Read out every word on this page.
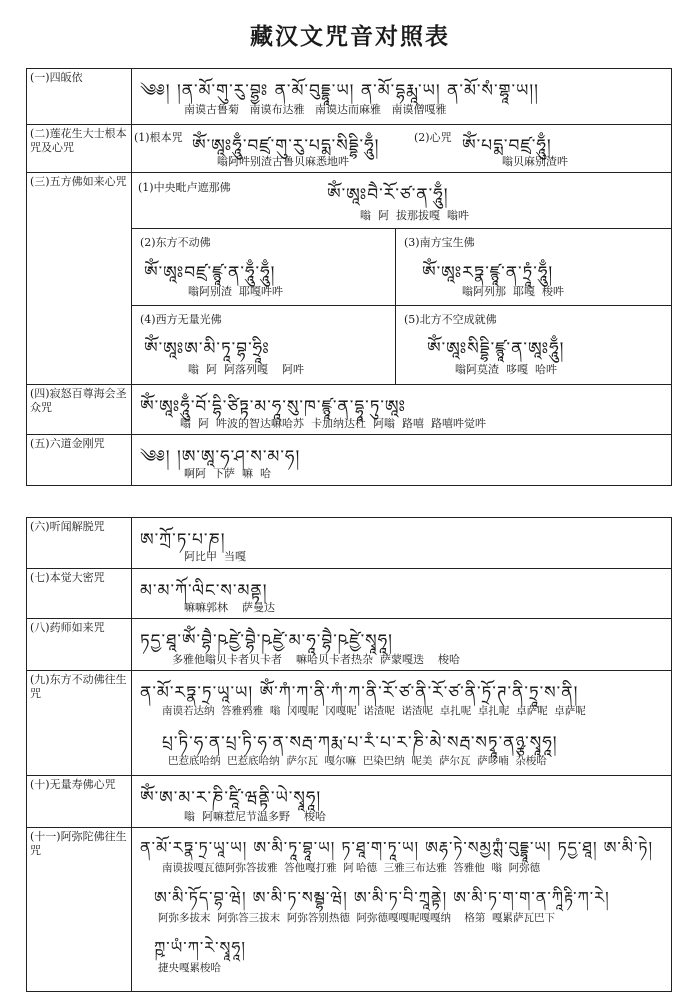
藏汉文咒音对照表
(一)四皈依
༄༅། །ན་མོ་གུ་རུ་བྷྱཿ ན་མོ་བུདྡྷཱ་ཡ། ན་མོ་དྷརྨཱ་ཡ། ན་མོ་སཾ་གྷཱ་ཡ།།
南谟古鲁菊   南谟布达雅   南谟达而麻雅   南谟僧嘎雅
(二)莲花生大士根本咒及心咒
(1)根本咒 ༀ་ཨཱཿཧཱུྃ་བཛྲ་གུ་རུ་པདྨ་སིདྡྷི་ཧཱུྃ།
嗡阿吽别渣古鲁贝麻悉地吽
(2)心咒 ༀ་པདྨ་བཛྲ་ཧཱུྃ།
嗡贝麻别渣吽
(三)五方佛如来心咒	(1)中央毗卢遮那佛	ༀ་ཨཱཿབཻ་རོ་ཙ་ན་ཧཱུྃ།
嗡  阿  拔那拔嘎  嗡吽
(2)东方不动佛
ༀ་ཨཱཿབཛྲ་ཛྙཱ་ན་ཧཱུྃ་ཧཱུྃ།
嗡阿别渣  耶嘎吽吽
(3)南方宝生佛
ༀ་ཨཱཿརཏྣ་ཛྙཱ་ན་ཏྲཱཾ་ཧཱུྃ།
嗡阿列那  耶嘎  梭吽
(4)西方无量光佛
ༀ་ཨཱཿཨ་མི་ཏཱ་བྷ་ཧྲཱིཿ
嗡  阿  阿落列嘎    阿吽
(5)北方不空成就佛
ༀ་ཨཱཿསིདྡྷི་ཛྙཱ་ན་ཨཱཿཧཱུྃ།
嗡阿莫渣  哆嘎  哈吽
(四)寂怒百尊海会圣众咒	ༀ་ཨཱཿཧཱུྃ་བོ་དྷི་ཙིཏྟ་མ་ཧཱ་སུ་ཁ་ཛྙཱ་ན་དྷཱ་ཏུ་ཨཱཿ
嗡  阿  吽波的智达嘛哈苏  卡加纳达杜  阿嗡  路嘻  路嘻吽觉吽
(五)六道金刚咒
༄༅། །ཨ་ཨཱ་ཧ་ཤ་ས་མ་ཧ།
啊阿  下萨  嘛  哈
(六)听闻解脱咒
ཨ་ཀྲོ་ཏ་པ་ཎ།
阿比甲  当嘎
(七)本觉大密咒
མ་མ་ཀོ་ལིང་ས་མནྟ།
嘛嘛郭林    萨曼达
(八)药师如来咒
ཏདྱ་ཐཱ་ༀ་བྷཻ་ཥཛྱེ་བྷཻ་ཥཛྱེ་མ་ཧཱ་བྷཻ་ཥཛྱེ་སྭཱཧཱ།
多雅他嗡贝卡者贝卡者    嘛哈贝卡者热杂  萨蒙嘎迭    梭哈
(九)东方不动佛往生咒	ན་མོ་རཏྣ་ཏྲ་ཡཱ་ཡ། ༀ་ཀཾ་ཀ་ནི་ཀཾ་ཀ་ནི་རོ་ཙ་ནི་རོ་ཙ་ནི་ཏྲོ་ཊ་ནི་ཏྲཱ་ས་ནི།
南谟若达纳  答雅鸦雅  嗡  冈嘎呢  冈嘎呢  诺渣呢  诺渣呢  卓扎呢  卓扎呢  卓萨呢  卓萨呢
པྲ་ཏི་ཧ་ན་པྲ་ཏི་ཧ་ན་སརྦ་ཀརྨ་པ་རཾ་པ་ར་ཎི་མེ་སརྦ་སཏྭཱ་ནཉྩ་སྭཱཧཱ།
巴惹底哈纳  巴惹底哈纳  萨尔瓦  嘎尔嘛  巴染巴纳  呢美  萨尔瓦  萨哆喃  杂梭哈
(十)无量寿佛心咒
ༀ་ཨ་མ་ར་ཎི་ཛཱི་ཝནྟི་ཡེ་སྭཱཧཱ།
嗡  阿嘛惹尼节温多野    梭哈
(十一)阿弥陀佛往生咒	ན་མོ་རཏྣ་ཏྲ་ཡཱ་ཡ། ཨ་མི་ཏཱ་བྷཱ་ཡ། ཏ་ཐཱ་ག་ཏཱ་ཡ། ཨརྷ་ཏེ་སམྱཀྶཾ་བུདྡྷཱ་ཡ། ཏདྱ་ཐཱ། ཨ་མི་ཏེ།
南谟拔嘎瓦德阿弥答拔雅  答他嘎打雅  阿 哈德  三雅三布达雅  答雅他  嗡  阿弥德
ཨ་མི་ཏོད་བྷ་ཝེ། ཨ་མི་ཏ་སམྦྷ་ཝེ། ཨ་མི་ཏ་བི་ཀྲཱནྟེ། ཨ་མི་ཏ་ག་ག་ན་ཀཱིརྟི་ཀ་རེ།
阿弥多拔末  阿弥答三拔末  阿弥答别热德  阿弥德嘎嘎呢嘎嘎纳    格第  嘎累萨瓦巴下
ཀྵ་ཡཾ་ཀ་རེ་སྭཱཧཱ།
捷央嘎累梭哈
